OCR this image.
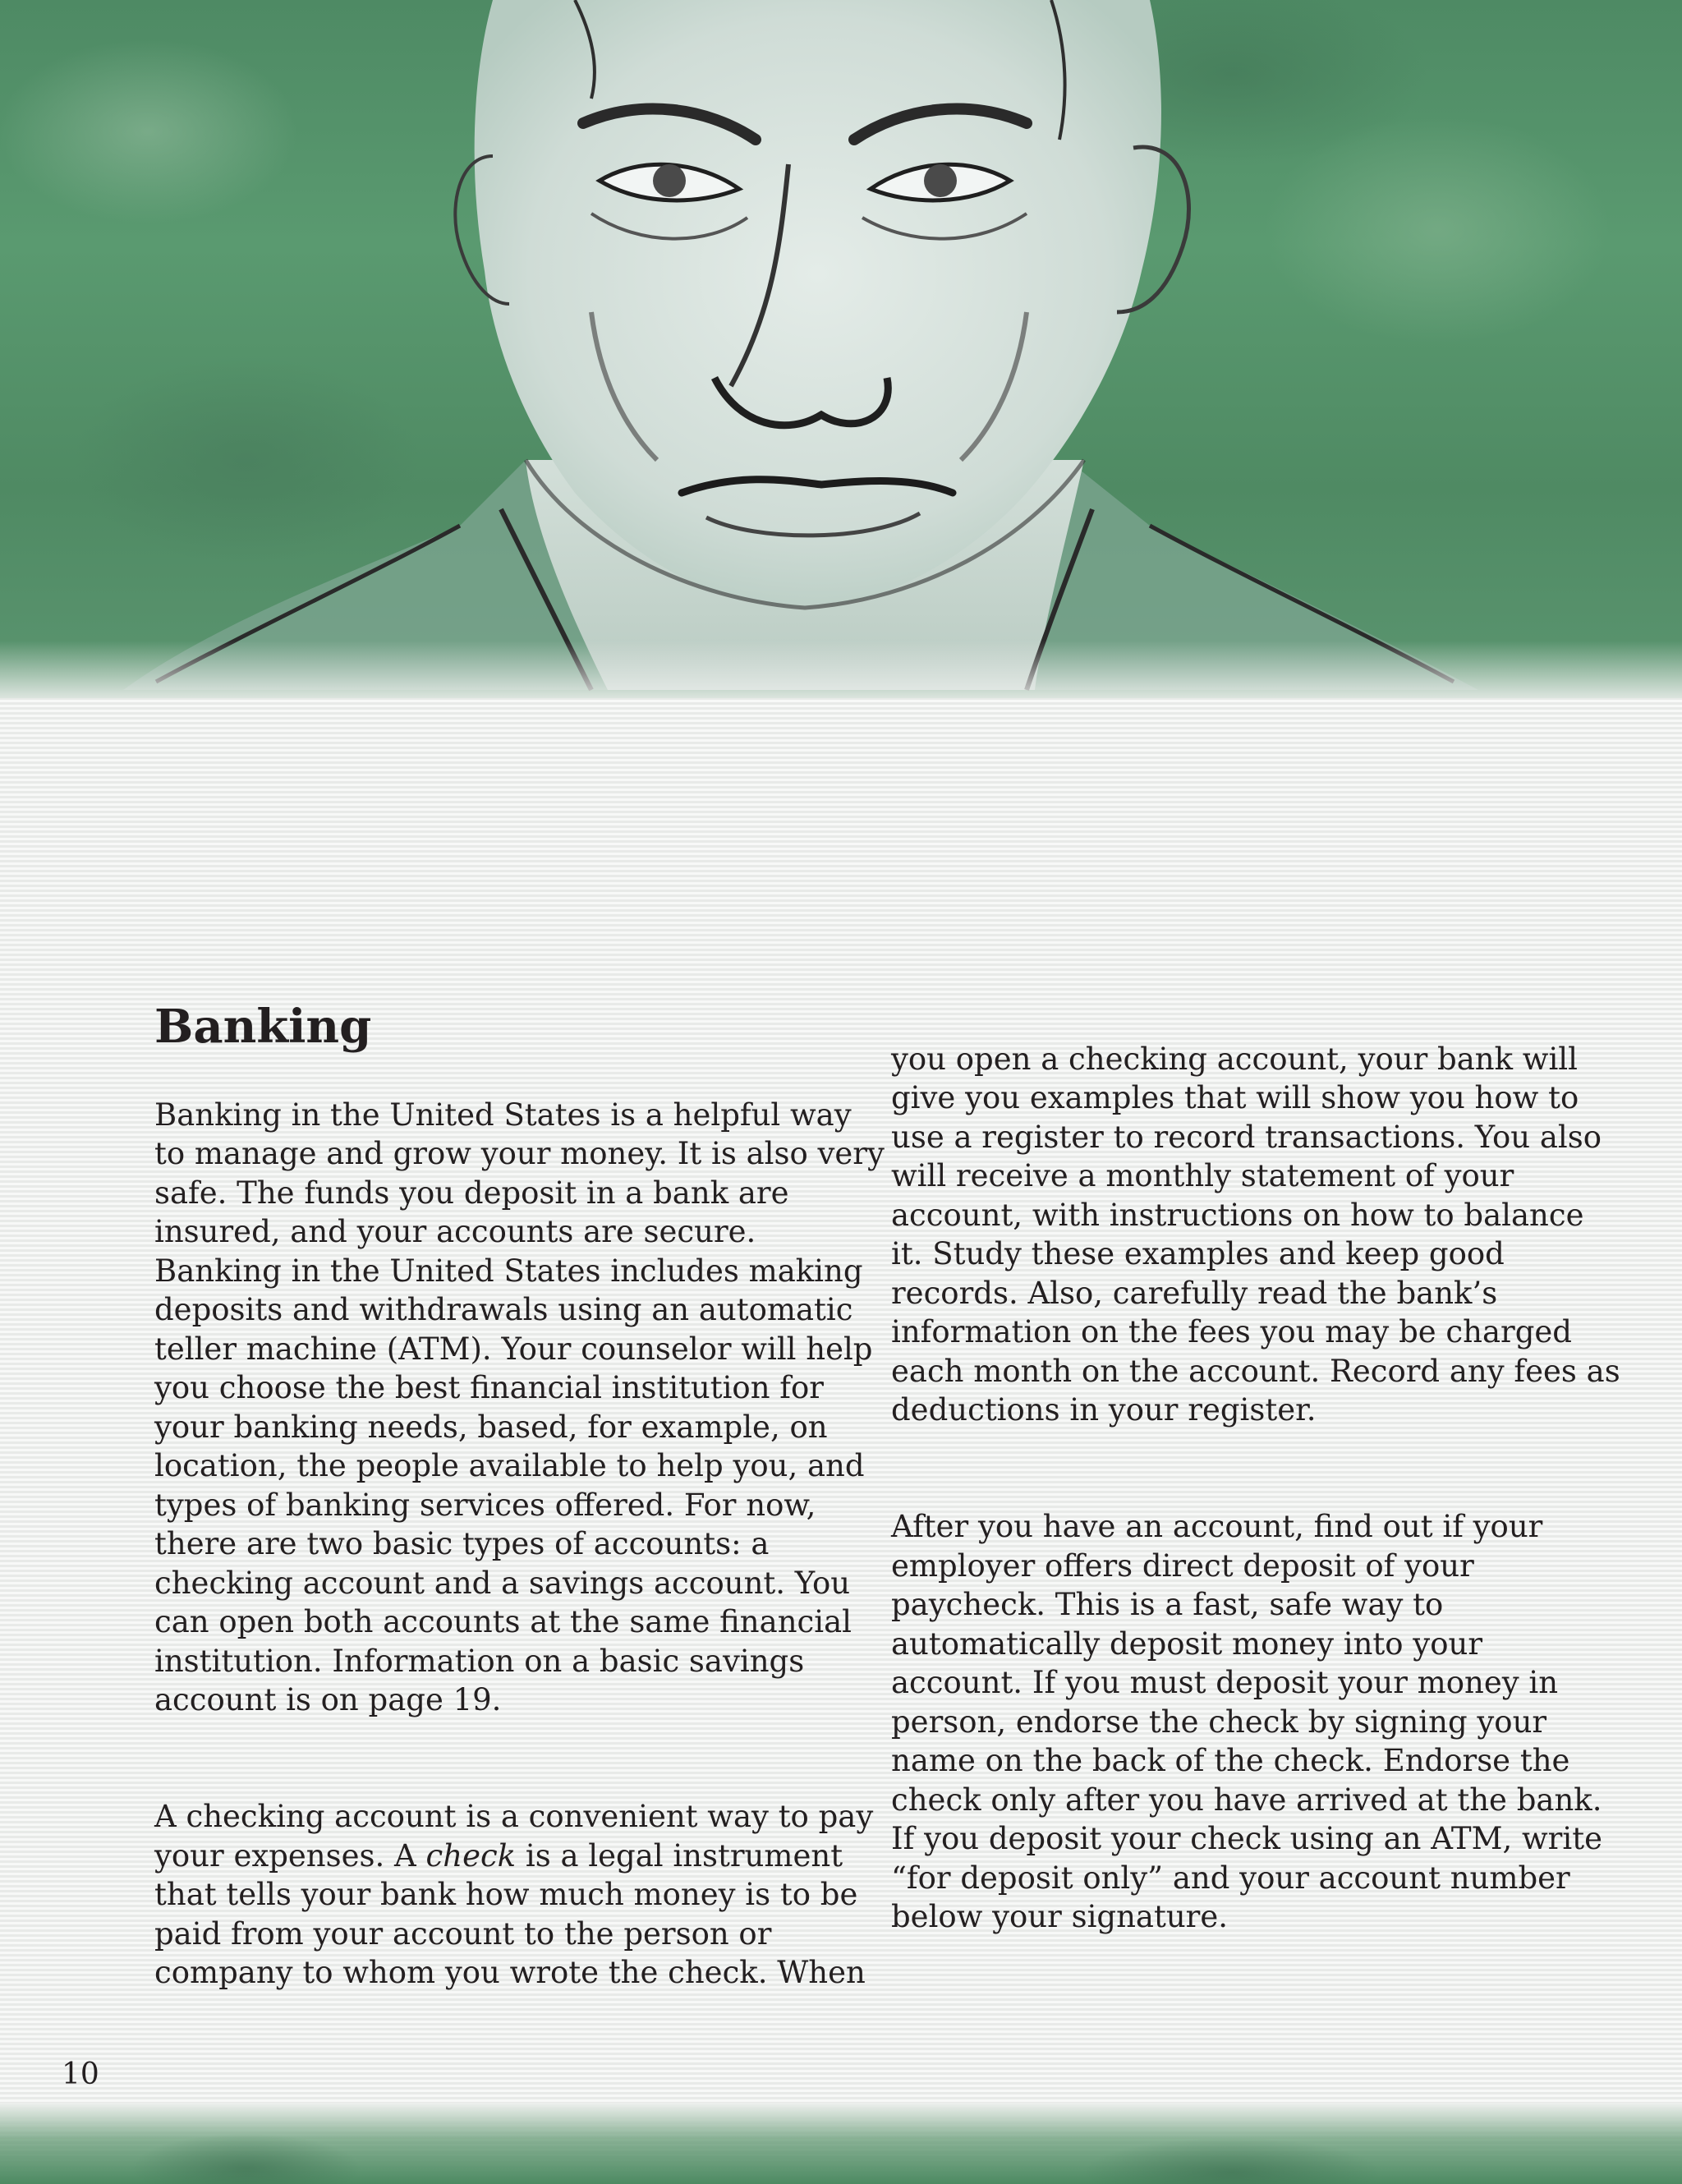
Banking

Banking in the United States is a helpful way to manage and grow your money. It is also very safe. The funds you deposit in a bank are insured, and your accounts are secure. Banking in the United States includes making deposits and withdrawals using an automatic teller machine (ATM). Your counselor will help you choose the best financial institution for your banking needs, based, for example, on location, the people available to help you, and types of banking services offered. For now, there are two basic types of accounts: a checking account and a savings account. You can open both accounts at the same financial institution. Information on a basic savings account is on page 19.

A checking account is a convenient way to pay your expenses. A check is a legal instrument that tells your bank how much money is to be paid from your account to the person or company to whom you wrote the check. When

you open a checking account, your bank will give you examples that will show you how to use a register to record transactions. You also will receive a monthly statement of your account, with instructions on how to balance it. Study these examples and keep good records. Also, carefully read the bank’s information on the fees you may be charged each month on the account. Record any fees as deductions in your register.

After you have an account, find out if your employer offers direct deposit of your paycheck. This is a fast, safe way to automatically deposit money into your account. If you must deposit your money in person, endorse the check by signing your name on the back of the check. Endorse the check only after you have arrived at the bank. If you deposit your check using an ATM, write “for deposit only” and your account number below your signature.

10
